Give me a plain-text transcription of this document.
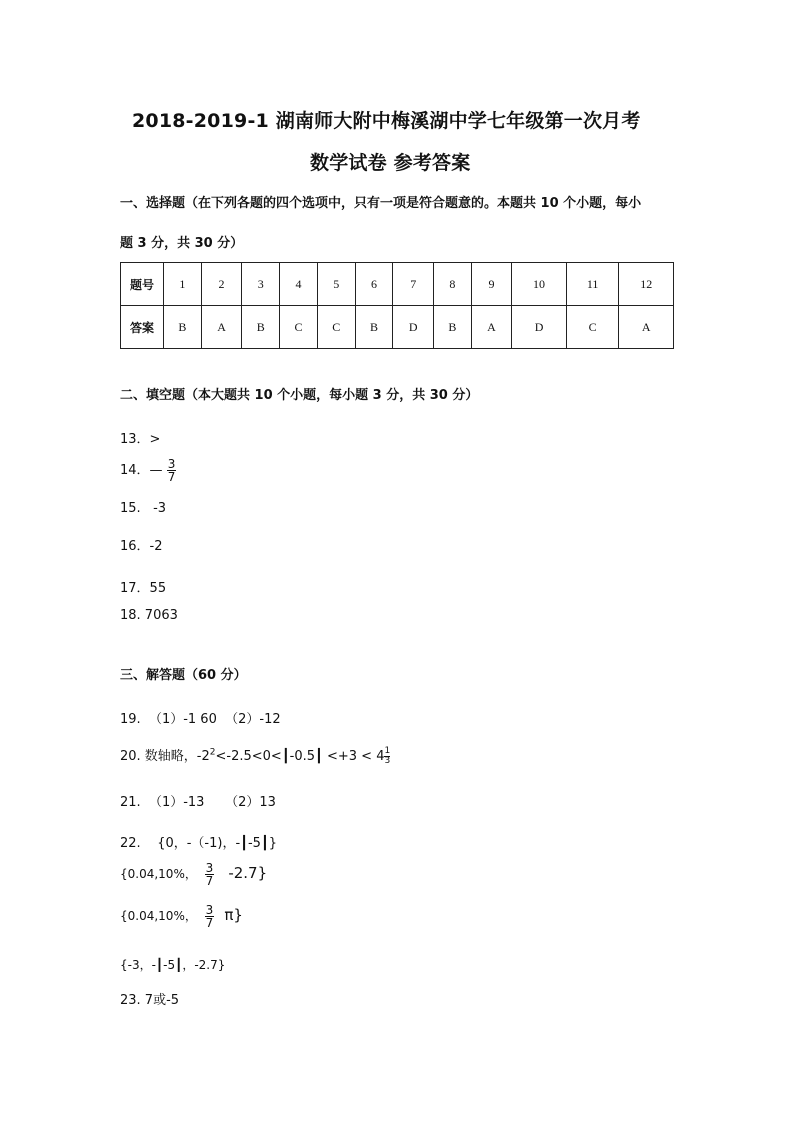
2018-2019-1 湖南师大附中梅溪湖中学七年级第一次月考
数学试卷 参考答案
一、选择题（在下列各题的四个选项中，只有一项是符合题意的。本题共 10 个小题，每小
题 3 分，共 30 分）
题号	1	2	3	4	5	6	7	8	9	10	11	12
答案	B	A	B	C	C	B	D	B	A	D	C	A
二、填空题（本大题共 10 个小题，每小题 3 分，共 30 分）
13．>
14．— $\frac{3}{7}$
15.   -3
16．-2
17．55
18. 7063
三、解答题（60 分）
19.  （1）-1 60  （2）-12
20. 数轴略，$-2^2<-2.5<0<┃-0.5┃ <+3 < 4 \frac{1}{3}$
21.  （1）-13     （2）13
22.    {0，-（-1)，-┃-5┃}
{0.04,10%， $\frac{3}{7} -2.7$}
{0.04,10%， $\frac{3}{7} \pi$}
{-3，-┃-5┃，-2.7}
23. 7或-5
